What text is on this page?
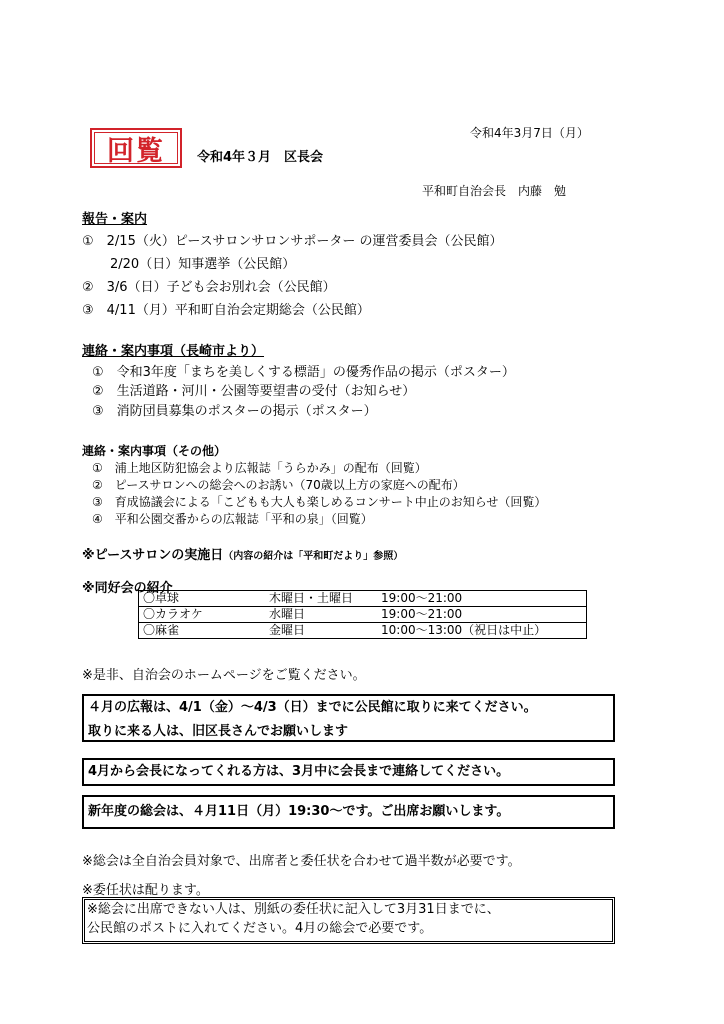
回覧
令和4年3月7日（月）
令和4年３月　区長会
平和町自治会長　内藤　勉
報告・案内
①　2/15（火）ピースサロンサロンサポーター の運営委員会（公民館）
2/20（日）知事選挙（公民館）
②　3/6（日）子ども会お別れ会（公民館）
③　4/11（月）平和町自治会定期総会（公民館）
連絡・案内事項（長崎市より）
①　令和3年度「まちを美しくする標語」の優秀作品の掲示（ポスター）
②　生活道路・河川・公園等要望書の受付（お知らせ）
③　消防団員募集のポスターの掲示（ポスター）
連絡・案内事項（その他）
①　浦上地区防犯協会より広報誌「うらかみ」の配布（回覧）
②　ピースサロンへの総会へのお誘い（70歳以上方の家庭への配布）
③　育成協議会による「こどもも大人も楽しめるコンサート中止のお知らせ（回覧）
④　平和公園交番からの広報誌「平和の泉」（回覧）
※ピースサロンの実施日（内容の紹介は「平和町だより」参照）
※同好会の紹介
〇卓球	木曜日・土曜日	19:00～21:00
〇カラオケ	水曜日	19:00～21:00
〇麻雀	金曜日	10:00～13:00（祝日は中止）
※是非、自治会のホームページをご覧ください。
４月の広報は、4/1（金）～4/3（日）までに公民館に取りに来てください。
取りに来る人は、旧区長さんでお願いします
4月から会長になってくれる方は、3月中に会長まで連絡してください。
新年度の総会は、４月11日（月）19:30～です。ご出席お願いします。
※総会は全自治会員対象で、出席者と委任状を合わせて過半数が必要です。
※委任状は配ります。
※総会に出席できない人は、別紙の委任状に記入して3月31日までに、
公民館のポストに入れてください。4月の総会で必要です。
